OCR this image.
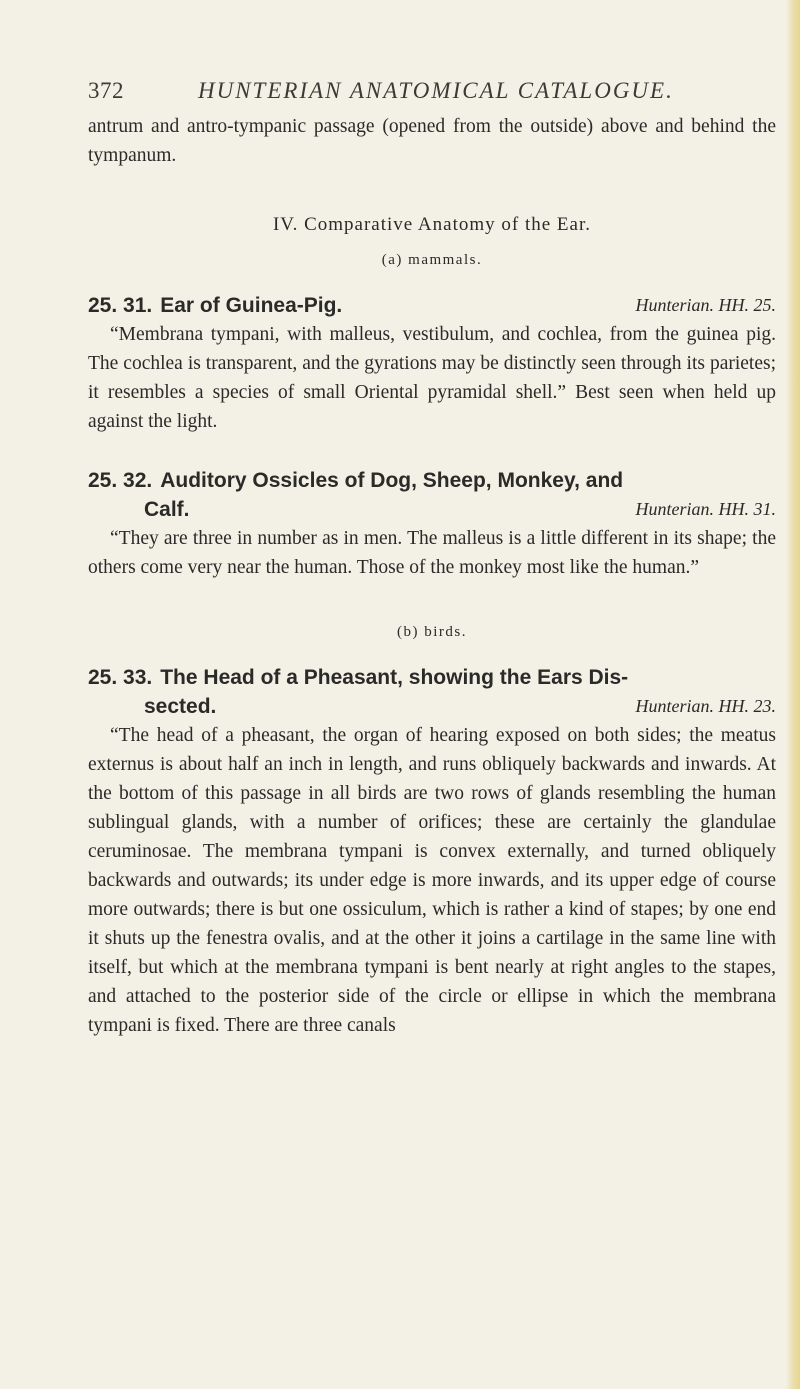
372	HUNTERIAN ANATOMICAL CATALOGUE.

antrum and antro-tympanic passage (opened from the outside) above and behind the tympanum.

IV. Comparative Anatomy of the Ear.
(a) mammals.
25. 31. Ear of Guinea-Pig.	Hunterian. HH. 25.

“Membrana tympani, with malleus, vestibulum, and cochlea, from the guinea pig. The cochlea is transparent, and the gyrations may be distinctly seen through its parietes; it resembles a species of small Oriental pyramidal shell.” Best seen when held up against the light.

25. 32. Auditory Ossicles of Dog, Sheep, Monkey, and
Calf.	Hunterian. HH. 31.

“They are three in number as in men. The malleus is a little different in its shape; the others come very near the human. Those of the monkey most like the human.”

(b) birds.
25. 33. The Head of a Pheasant, showing the Ears Dis-
sected.	Hunterian. HH. 23.

“The head of a pheasant, the organ of hearing exposed on both sides; the meatus externus is about half an inch in length, and runs obliquely backwards and inwards. At the bottom of this passage in all birds are two rows of glands resembling the human sublingual glands, with a number of orifices; these are certainly the glandulae ceruminosae. The membrana tympani is convex externally, and turned obliquely backwards and outwards; its under edge is more inwards, and its upper edge of course more outwards; there is but one ossiculum, which is rather a kind of stapes; by one end it shuts up the fenestra ovalis, and at the other it joins a cartilage in the same line with itself, but which at the membrana tympani is bent nearly at right angles to the stapes, and attached to the posterior side of the circle or ellipse in which the membrana tympani is fixed. There are three canals
